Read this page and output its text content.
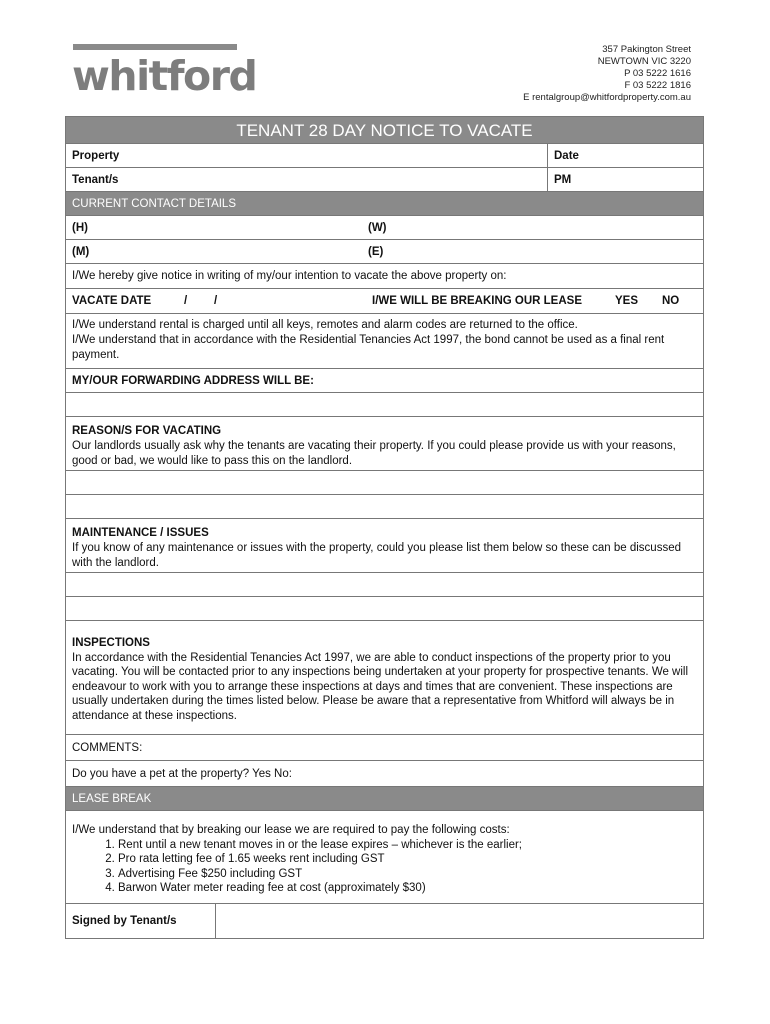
whitford
357 Pakington Street
NEWTOWN VIC 3220
P 03 5222 1616
F 03 5222 1816
E rentalgroup@whitfordproperty.com.au
TENANT 28 DAY NOTICE TO VACATE
Property	Date
Tenant/s	PM
CURRENT CONTACT DETAILS
(H)	(W)
(M)	(E)
I/We hereby give notice in writing of my/our intention to vacate the above property on:
VACATE DATE	/ /	I/WE WILL BE BREAKING OUR LEASE	YES NO
I/We understand rental is charged until all keys, remotes and alarm codes are returned to the office.
I/We understand that in accordance with the Residential Tenancies Act 1997, the bond cannot be used as a final rent payment.
MY/OUR FORWARDING ADDRESS WILL BE:
REASON/S FOR VACATING
Our landlords usually ask why the tenants are vacating their property. If you could please provide us with your reasons, good or bad, we would like to pass this on the landlord.
MAINTENANCE / ISSUES
If you know of any maintenance or issues with the property, could you please list them below so these can be discussed with the landlord.
INSPECTIONS
In accordance with the Residential Tenancies Act 1997, we are able to conduct inspections of the property prior to you vacating. You will be contacted prior to any inspections being undertaken at your property for prospective tenants. We will endeavour to work with you to arrange these inspections at days and times that are convenient. These inspections are usually undertaken during the times listed below. Please be aware that a representative from Whitford will always be in attendance at these inspections.
COMMENTS:
Do you have a pet at the property? Yes No:
LEASE BREAK
I/We understand that by breaking our lease we are required to pay the following costs:
1. Rent until a new tenant moves in or the lease expires – whichever is the earlier;
2. Pro rata letting fee of 1.65 weeks rent including GST
3. Advertising Fee $250 including GST
4. Barwon Water meter reading fee at cost (approximately $30)
Signed by Tenant/s
